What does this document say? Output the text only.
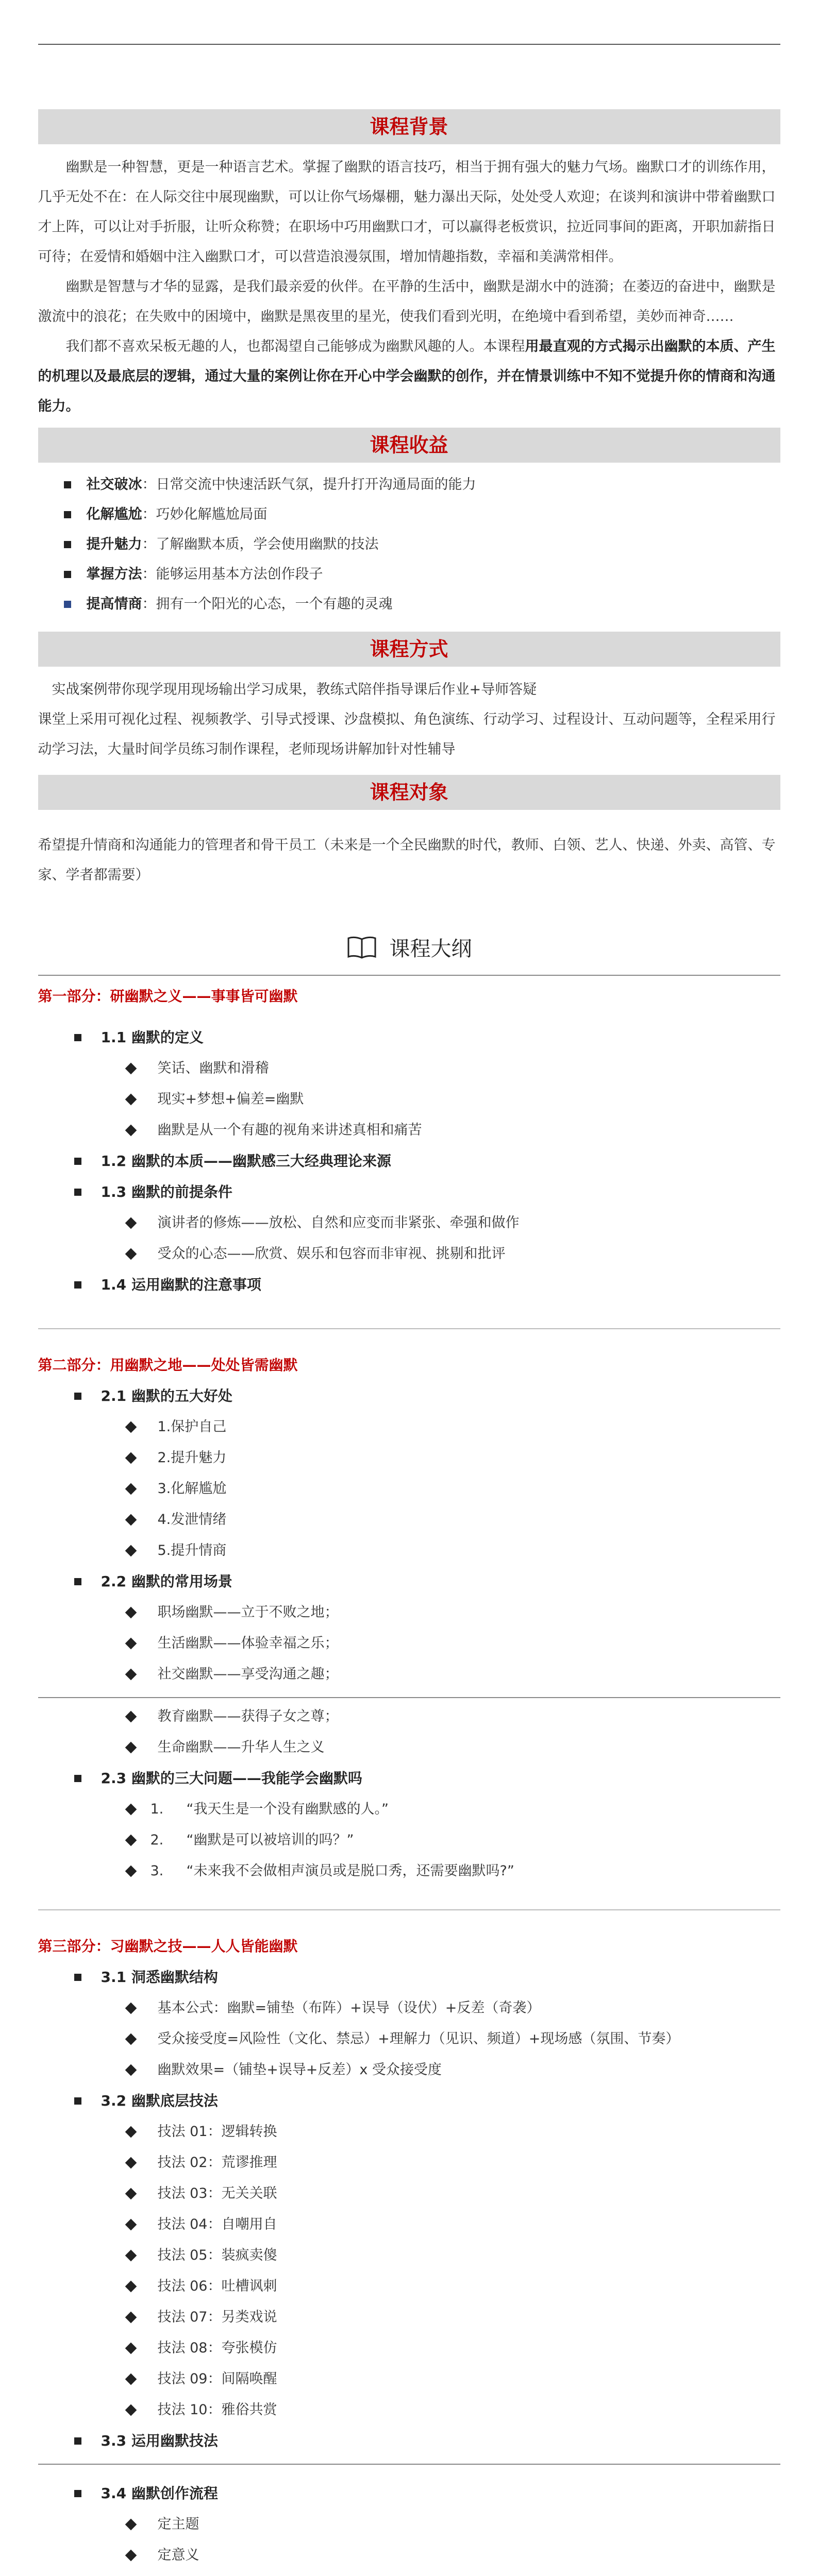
课程背景

幽默是一种智慧，更是一种语言艺术。掌握了幽默的语言技巧，相当于拥有强大的魅力气场。幽默口才的训练作用，几乎无处不在：在人际交往中展现幽默，可以让你气场爆棚，魅力瀑出天际，处处受人欢迎；在谈判和演讲中带着幽默口才上阵，可以让对手折服，让听众称赞；在职场中巧用幽默口才，可以赢得老板赏识，拉近同事间的距离，开职加薪指日可待；在爱情和婚姻中注入幽默口才，可以营造浪漫氛围，增加情趣指数，幸福和美满常相伴。

幽默是智慧与才华的显露，是我们最亲爱的伙伴。在平静的生活中，幽默是湖水中的涟漪；在萎迈的奋进中，幽默是激流中的浪花；在失败中的困境中，幽默是黑夜里的星光，使我们看到光明，在绝境中看到希望，美妙而神奇……

我们都不喜欢呆板无趣的人，也都渴望自己能够成为幽默风趣的人。本课程用最直观的方式揭示出幽默的本质、产生的机理以及最底层的逻辑，通过大量的案例让你在开心中学会幽默的创作，并在情景训练中不知不觉提升你的情商和沟通能力。

课程收益
社交破冰 ：日常交流中快速活跃气氛，提升打开沟通局面的能力
化解尴尬 ：巧妙化解尴尬局面
提升魅力 ：了解幽默本质，学会使用幽默的技法
掌握方法 ：能够运用基本方法创作段子
提高情商 ：拥有一个阳光的心态，一个有趣的灵魂
课程方式

实战案例带你现学现用现场输出学习成果，教练式陪伴指导课后作业+导师答疑

课堂上采用可视化过程、视频教学、引导式授课、沙盘模拟、角色演练、行动学习、过程设计、互动问题等，全程采用行动学习法，大量时间学员练习制作课程，老师现场讲解加针对性辅导

课程对象

希望提升情商和沟通能力的管理者和骨干员工（未来是一个全民幽默的时代，教师、白领、艺人、快递、外卖、高管、专家、学者都需要）

课程大纲
第一部分：研幽默之义——事事皆可幽默
1.1 幽默的定义
笑话、幽默和滑稽
现实+梦想+偏差=幽默
幽默是从一个有趣的视角来讲述真相和痛苦
1.2 幽默的本质——幽默感三大经典理论来源
1.3 幽默的前提条件
演讲者的修炼——放松、自然和应变而非紧张、牵强和做作
受众的心态——欣赏、娱乐和包容而非审视、挑剔和批评
1.4 运用幽默的注意事项
第二部分：用幽默之地——处处皆需幽默
2.1 幽默的五大好处
1.保护自己
2.提升魅力
3.化解尴尬
4.发泄情绪
5.提升情商
2.2 幽默的常用场景
职场幽默——立于不败之地；
生活幽默——体验幸福之乐；
社交幽默——享受沟通之趣；
教育幽默——获得子女之尊；
生命幽默——升华人生之义
2.3 幽默的三大问题——我能学会幽默吗
1.	“我天生是一个没有幽默感的人。”
2.	“幽默是可以被培训的吗？”
3.	“未来我不会做相声演员或是脱口秀，还需要幽默吗?”
第三部分：习幽默之技——人人皆能幽默
3.1 洞悉幽默结构
基本公式：幽默=铺垫（布阵）+误导（设伏）+反差（奇袭）
受众接受度=风险性（文化、禁忌）+理解力（见识、频道）+现场感（氛围、节奏）
幽默效果=（铺垫+误导+反差）x 受众接受度
3.2 幽默底层技法
技法 01：逻辑转换
技法 02：荒谬推理
技法 03：无关关联
技法 04：自嘲用自
技法 05：装疯卖傻
技法 06：吐槽讽刺
技法 07：另类戏说
技法 08：夸张模仿
技法 09：间隔唤醒
技法 10：雅俗共赏
3.3 运用幽默技法
3.4 幽默创作流程
定主题
定意义
